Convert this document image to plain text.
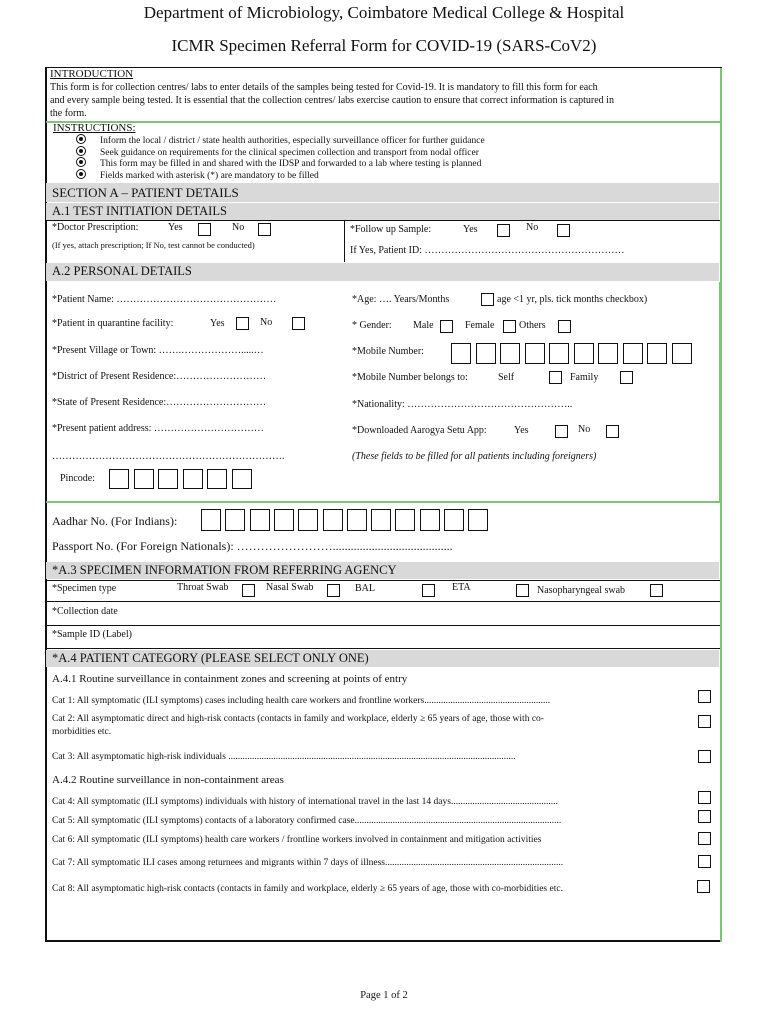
Department of Microbiology, Coimbatore Medical College & Hospital
ICMR Specimen Referral Form for COVID-19 (SARS-CoV2)
INTRODUCTION
This form is for collection centres/ labs to enter details of the samples being tested for Covid-19. It is mandatory to fill this form for each
and every sample being tested. It is essential that the collection centres/ labs exercise caution to ensure that correct information is captured in
the form.
INSTRUCTIONS:
Inform the local / district / state health authorities, especially surveillance officer for further guidance
Seek guidance on requirements for the clinical specimen collection and transport from nodal officer
This form may be filled in and shared with the IDSP and forwarded to a lab where testing is planned
Fields marked with asterisk (*) are mandatory to be filled
SECTION A – PATIENT DETAILS
A.1 TEST INITIATION DETAILS
*Doctor Prescription:	Yes	No
(If yes, attach prescription; If No, test cannot be conducted)
*Follow up Sample:	Yes	No
If Yes, Patient ID: ……………………………………………………
A.2 PERSONAL DETAILS
*Patient Name: …………………………………………	*Age: …. Years/Months	age <1 yr, pls. tick months checkbox)
*Patient in quarantine facility:	Yes	No	* Gender: Male	Female Others
*Present Village or Town: …….……………….....…	*Mobile Number:
*District of Present Residence:………………………	*Mobile Number belongs to:	Self	Family
*State of Present Residence:…………………………	*Nationality: …………………………………………..
*Present patient address: ……………………………	*Downloaded Aarogya Setu App:	Yes	No
…………………………………………………………….	(These fields to be filled for all patients including foreigners)
Pincode:
Aadhar No. (For Indians):
Passport No. (For Foreign Nationals): ……………………........................................
*A.3 SPECIMEN INFORMATION FROM REFERRING AGENCY
*Specimen type	Throat Swab	Nasal Swab	BAL	ETA	Nasopharyngeal swab
*Collection date
*Sample ID (Label)
*A.4 PATIENT CATEGORY (PLEASE SELECT ONLY ONE)
A.4.1 Routine surveillance in containment zones and screening at points of entry
Cat 1: All symptomatic (ILI symptoms) cases including health care workers and frontline workers.....................................................
Cat 2: All asymptomatic direct and high-risk contacts (contacts in family and workplace, elderly ≥ 65 years of age, those with co-
morbidities etc.
Cat 3: All asymptomatic high-risk individuals .........................................................................................................................
A.4.2 Routine surveillance in non-containment areas
Cat 4: All symptomatic (ILI symptoms) individuals with history of international travel in the last 14 days.............................................
Cat 5: All symptomatic (ILI symptoms) contacts of a laboratory confirmed case.......................................................................................
Cat 6: All symptomatic (ILI symptoms) health care workers / frontline workers involved in containment and mitigation activities
Cat 7: All symptomatic ILI cases among returnees and migrants within 7 days of illness...........................................................................
Cat 8: All asymptomatic high-risk contacts (contacts in family and workplace, elderly ≥ 65 years of age, those with co-morbidities etc.
Page 1 of 2
